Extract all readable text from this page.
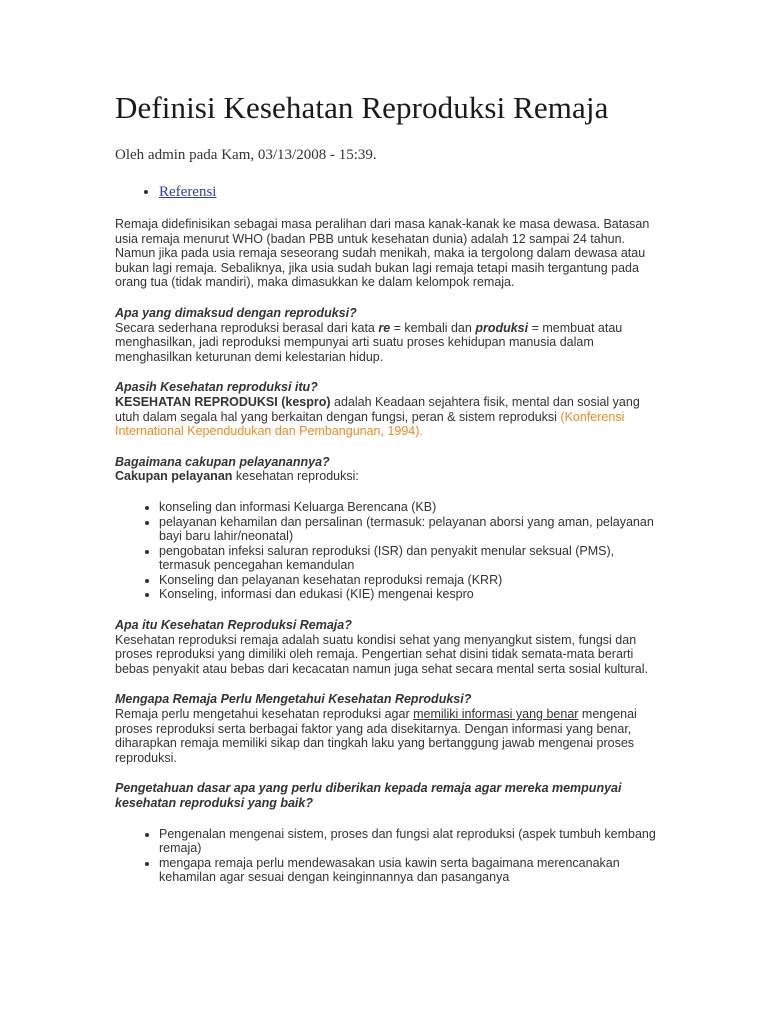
Definisi Kesehatan Reproduksi Remaja
Oleh admin pada Kam, 03/13/2008 - 15:39.
• Referensi
Remaja didefinisikan sebagai masa peralihan dari masa kanak-kanak ke masa dewasa. Batasan usia remaja menurut WHO (badan PBB untuk kesehatan dunia) adalah 12 sampai 24 tahun. Namun jika pada usia remaja seseorang sudah menikah, maka ia tergolong dalam dewasa atau bukan lagi remaja. Sebaliknya, jika usia sudah bukan lagi remaja tetapi masih tergantung pada orang tua (tidak mandiri), maka dimasukkan ke dalam kelompok remaja.
Apa yang dimaksud dengan reproduksi?
Secara sederhana reproduksi berasal dari kata re = kembali dan produksi = membuat atau menghasilkan, jadi reproduksi mempunyai arti suatu proses kehidupan manusia dalam menghasilkan keturunan demi kelestarian hidup.
Apasih Kesehatan reproduksi itu?
KESEHATAN REPRODUKSI (kespro) adalah Keadaan sejahtera fisik, mental dan sosial yang utuh dalam segala hal yang berkaitan dengan fungsi, peran & sistem reproduksi (Konferensi International Kependudukan dan Pembangunan, 1994).
Bagaimana cakupan pelayanannya?
Cakupan pelayanan kesehatan reproduksi:
• konseling dan informasi Keluarga Berencana (KB)
• pelayanan kehamilan dan persalinan (termasuk: pelayanan aborsi yang aman, pelayanan bayi baru lahir/neonatal)
• pengobatan infeksi saluran reproduksi (ISR) dan penyakit menular seksual (PMS), termasuk pencegahan kemandulan
• Konseling dan pelayanan kesehatan reproduksi remaja (KRR)
• Konseling, informasi dan edukasi (KIE) mengenai kespro
Apa itu Kesehatan Reproduksi Remaja?
Kesehatan reproduksi remaja adalah suatu kondisi sehat yang menyangkut sistem, fungsi dan proses reproduksi yang dimiliki oleh remaja. Pengertian sehat disini tidak semata-mata berarti bebas penyakit atau bebas dari kecacatan namun juga sehat secara mental serta sosial kultural.
Mengapa Remaja Perlu Mengetahui Kesehatan Reproduksi?
Remaja perlu mengetahui kesehatan reproduksi agar memiliki informasi yang benar mengenai proses reproduksi serta berbagai faktor yang ada disekitarnya. Dengan informasi yang benar, diharapkan remaja memiliki sikap dan tingkah laku yang bertanggung jawab mengenai proses reproduksi.
Pengetahuan dasar apa yang perlu diberikan kepada remaja agar mereka mempunyai kesehatan reproduksi yang baik?
• Pengenalan mengenai sistem, proses dan fungsi alat reproduksi (aspek tumbuh kembang remaja)
• mengapa remaja perlu mendewasakan usia kawin serta bagaimana merencanakan kehamilan agar sesuai dengan keinginnannya dan pasanganya
